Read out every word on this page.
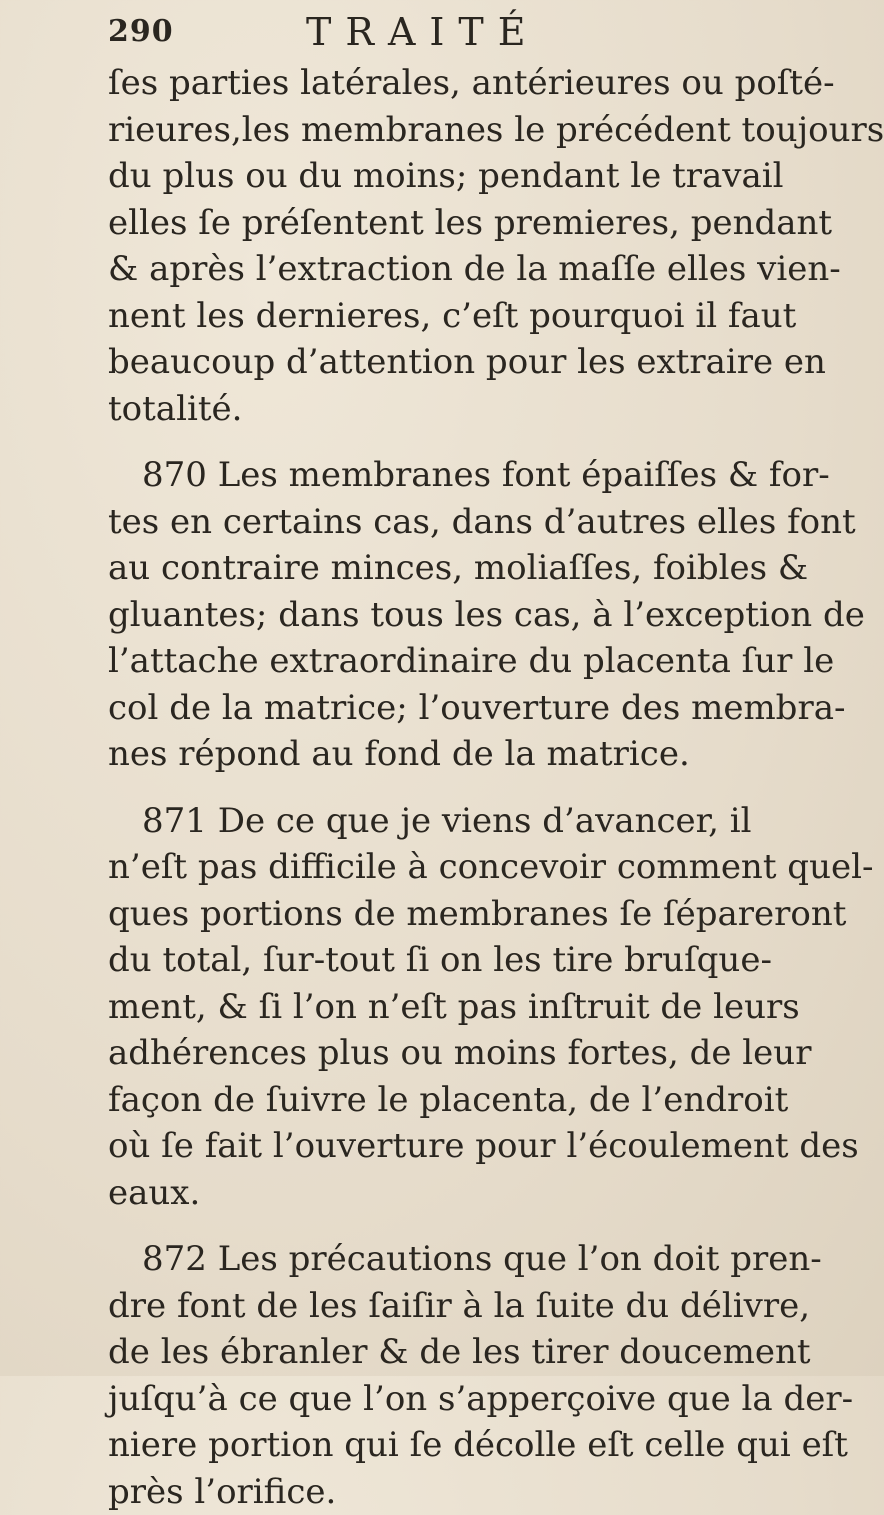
290	TRAITÉ
ſes parties latérales, antérieures ou poſté-
rieures,les membranes le précédent toujours
du plus ou du moins; pendant le travail
elles ſe préſentent les premieres, pendant
& après l’extraction de la maſſe elles vien-
nent les dernieres, c’eſt pourquoi il faut
beaucoup d’attention pour les extraire en
totalité.
870 Les membranes font épaiſſes & for-
tes en certains cas, dans d’autres elles font
au contraire minces, moliaſſes, foibles &
gluantes; dans tous les cas, à l’exception de
l’attache extraordinaire du placenta ſur le
col de la matrice; l’ouverture des membra-
nes répond au fond de la matrice.
871 De ce que je viens d’avancer, il
n’eſt pas difficile à concevoir comment quel-
ques portions de membranes ſe ſépareront
du total, ſur-tout ſi on les tire bruſque-
ment, & ſi l’on n’eſt pas inſtruit de leurs
adhérences plus ou moins fortes, de leur
façon de ſuivre le placenta, de l’endroit
où ſe fait l’ouverture pour l’écoulement des
eaux.
872 Les précautions que l’on doit pren-
dre font de les ſaiſir à la ſuite du délivre,
de les ébranler & de les tirer doucement
juſqu’à ce que l’on s’apperçoive que la der-
niere portion qui ſe décolle eſt celle qui eſt
près l’orifice.
